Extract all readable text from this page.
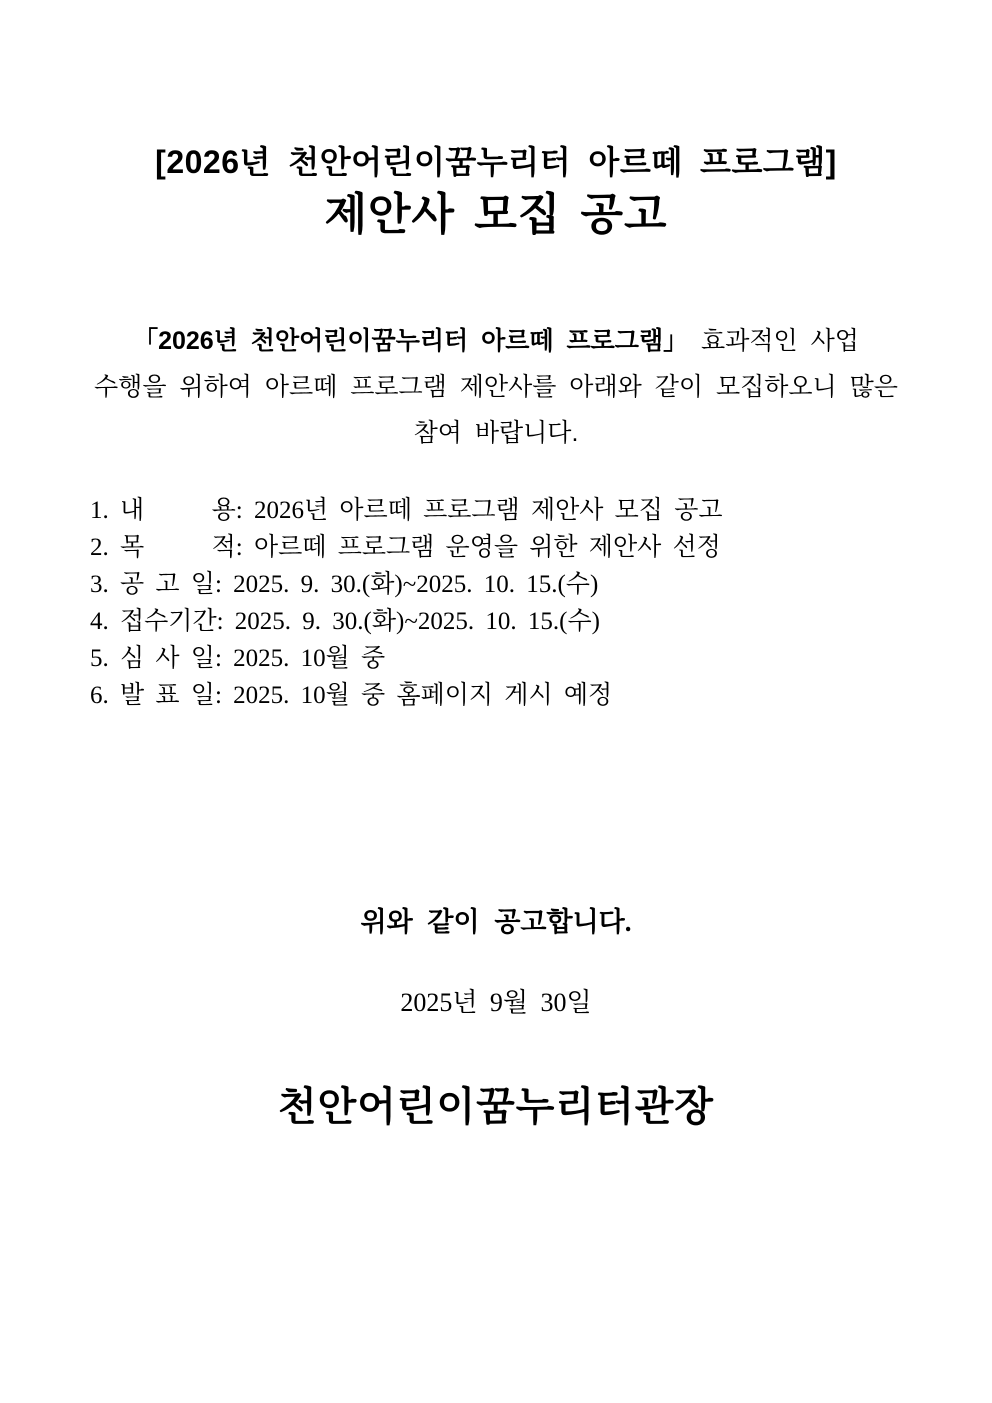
[2026년 천안어린이꿈누리터 아르떼 프로그램]
제안사 모집 공고
「2026년 천안어린이꿈누리터 아르떼 프로그램」 효과적인 사업
수행을 위하여 아르떼 프로그램 제안사를 아래와 같이 모집하오니 많은
참여 바랍니다.
1. 내      용: 2026년 아르떼 프로그램 제안사 모집 공고
2. 목      적: 아르떼 프로그램 운영을 위한 제안사 선정
3. 공 고 일: 2025. 9. 30.(화)~2025. 10. 15.(수)
4. 접수기간: 2025. 9. 30.(화)~2025. 10. 15.(수)
5. 심 사 일: 2025. 10월 중
6. 발 표 일: 2025. 10월 중 홈페이지 게시 예정
위와 같이 공고합니다.
2025년 9월 30일
천안어린이꿈누리터관장
